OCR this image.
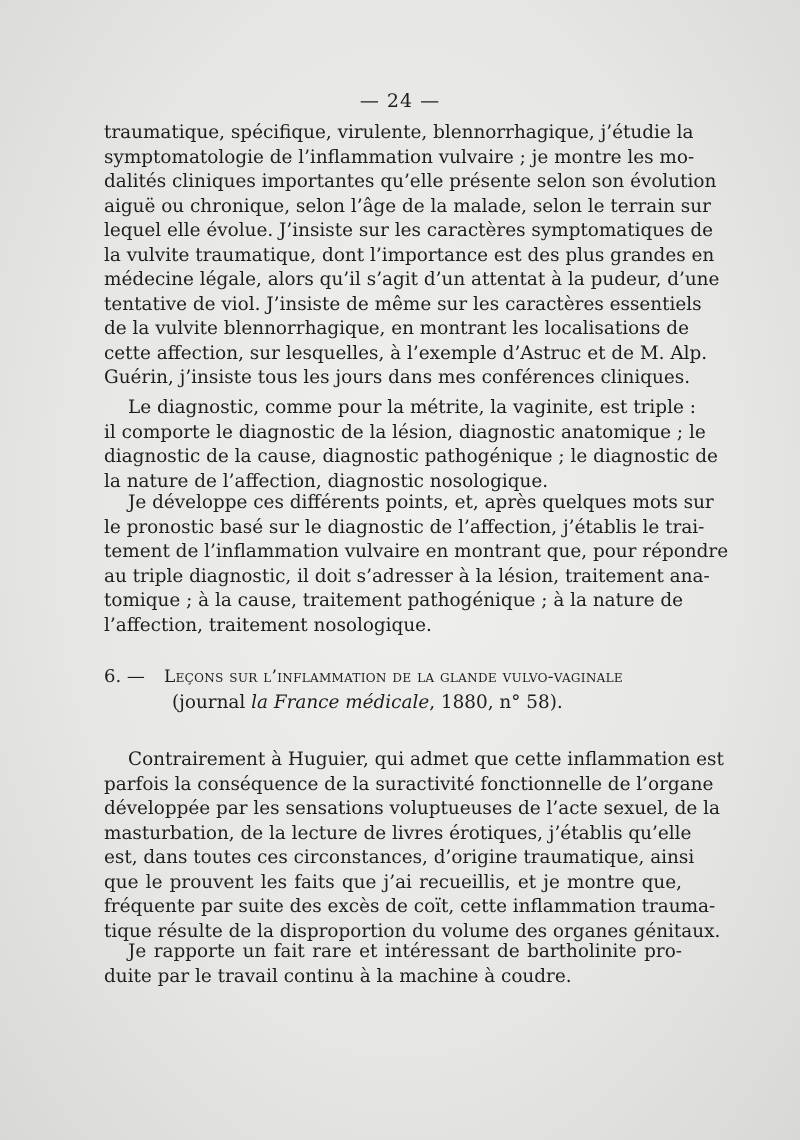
— 24 —
traumatique, spécifique, virulente, blennorrhagique, j’étudie la
symptomatologie de l’inflammation vulvaire ; je montre les mo-
dalités cliniques importantes qu’elle présente selon son évolution
aiguë ou chronique, selon l’âge de la malade, selon le terrain sur
lequel elle évolue. J’insiste sur les caractères symptomatiques de
la vulvite traumatique, dont l’importance est des plus grandes en
médecine légale, alors qu’il s’agit d’un attentat à la pudeur, d’une
tentative de viol. J’insiste de même sur les caractères essentiels
de la vulvite blennorrhagique, en montrant les localisations de
cette affection, sur lesquelles, à l’exemple d’Astruc et de M. Alp.
Guérin, j’insiste tous les jours dans mes conférences cliniques.
Le diagnostic, comme pour la métrite, la vaginite, est triple :
il comporte le diagnostic de la lésion, diagnostic anatomique ; le
diagnostic de la cause, diagnostic pathogénique ; le diagnostic de
la nature de l’affection, diagnostic nosologique.
Je développe ces différents points, et, après quelques mots sur
le pronostic basé sur le diagnostic de l’affection, j’établis le trai-
tement de l’inflammation vulvaire en montrant que, pour répondre
au triple diagnostic, il doit s’adresser à la lésion, traitement ana-
tomique ; à la cause, traitement pathogénique ; à la nature de
l’affection, traitement nosologique.
6. — Leçons sur l’inflammation de la glande vulvo-vaginale
(journal la France médicale, 1880, n° 58).
Contrairement à Huguier, qui admet que cette inflammation est
parfois la conséquence de la suractivité fonctionnelle de l’organe
développée par les sensations voluptueuses de l’acte sexuel, de la
masturbation, de la lecture de livres érotiques, j’établis qu’elle
est, dans toutes ces circonstances, d’origine traumatique, ainsi
que le prouvent les faits que j’ai recueillis, et je montre que,
fréquente par suite des excès de coït, cette inflammation trauma-
tique résulte de la disproportion du volume des organes génitaux.
Je rapporte un fait rare et intéressant de bartholinite pro-
duite par le travail continu à la machine à coudre.
